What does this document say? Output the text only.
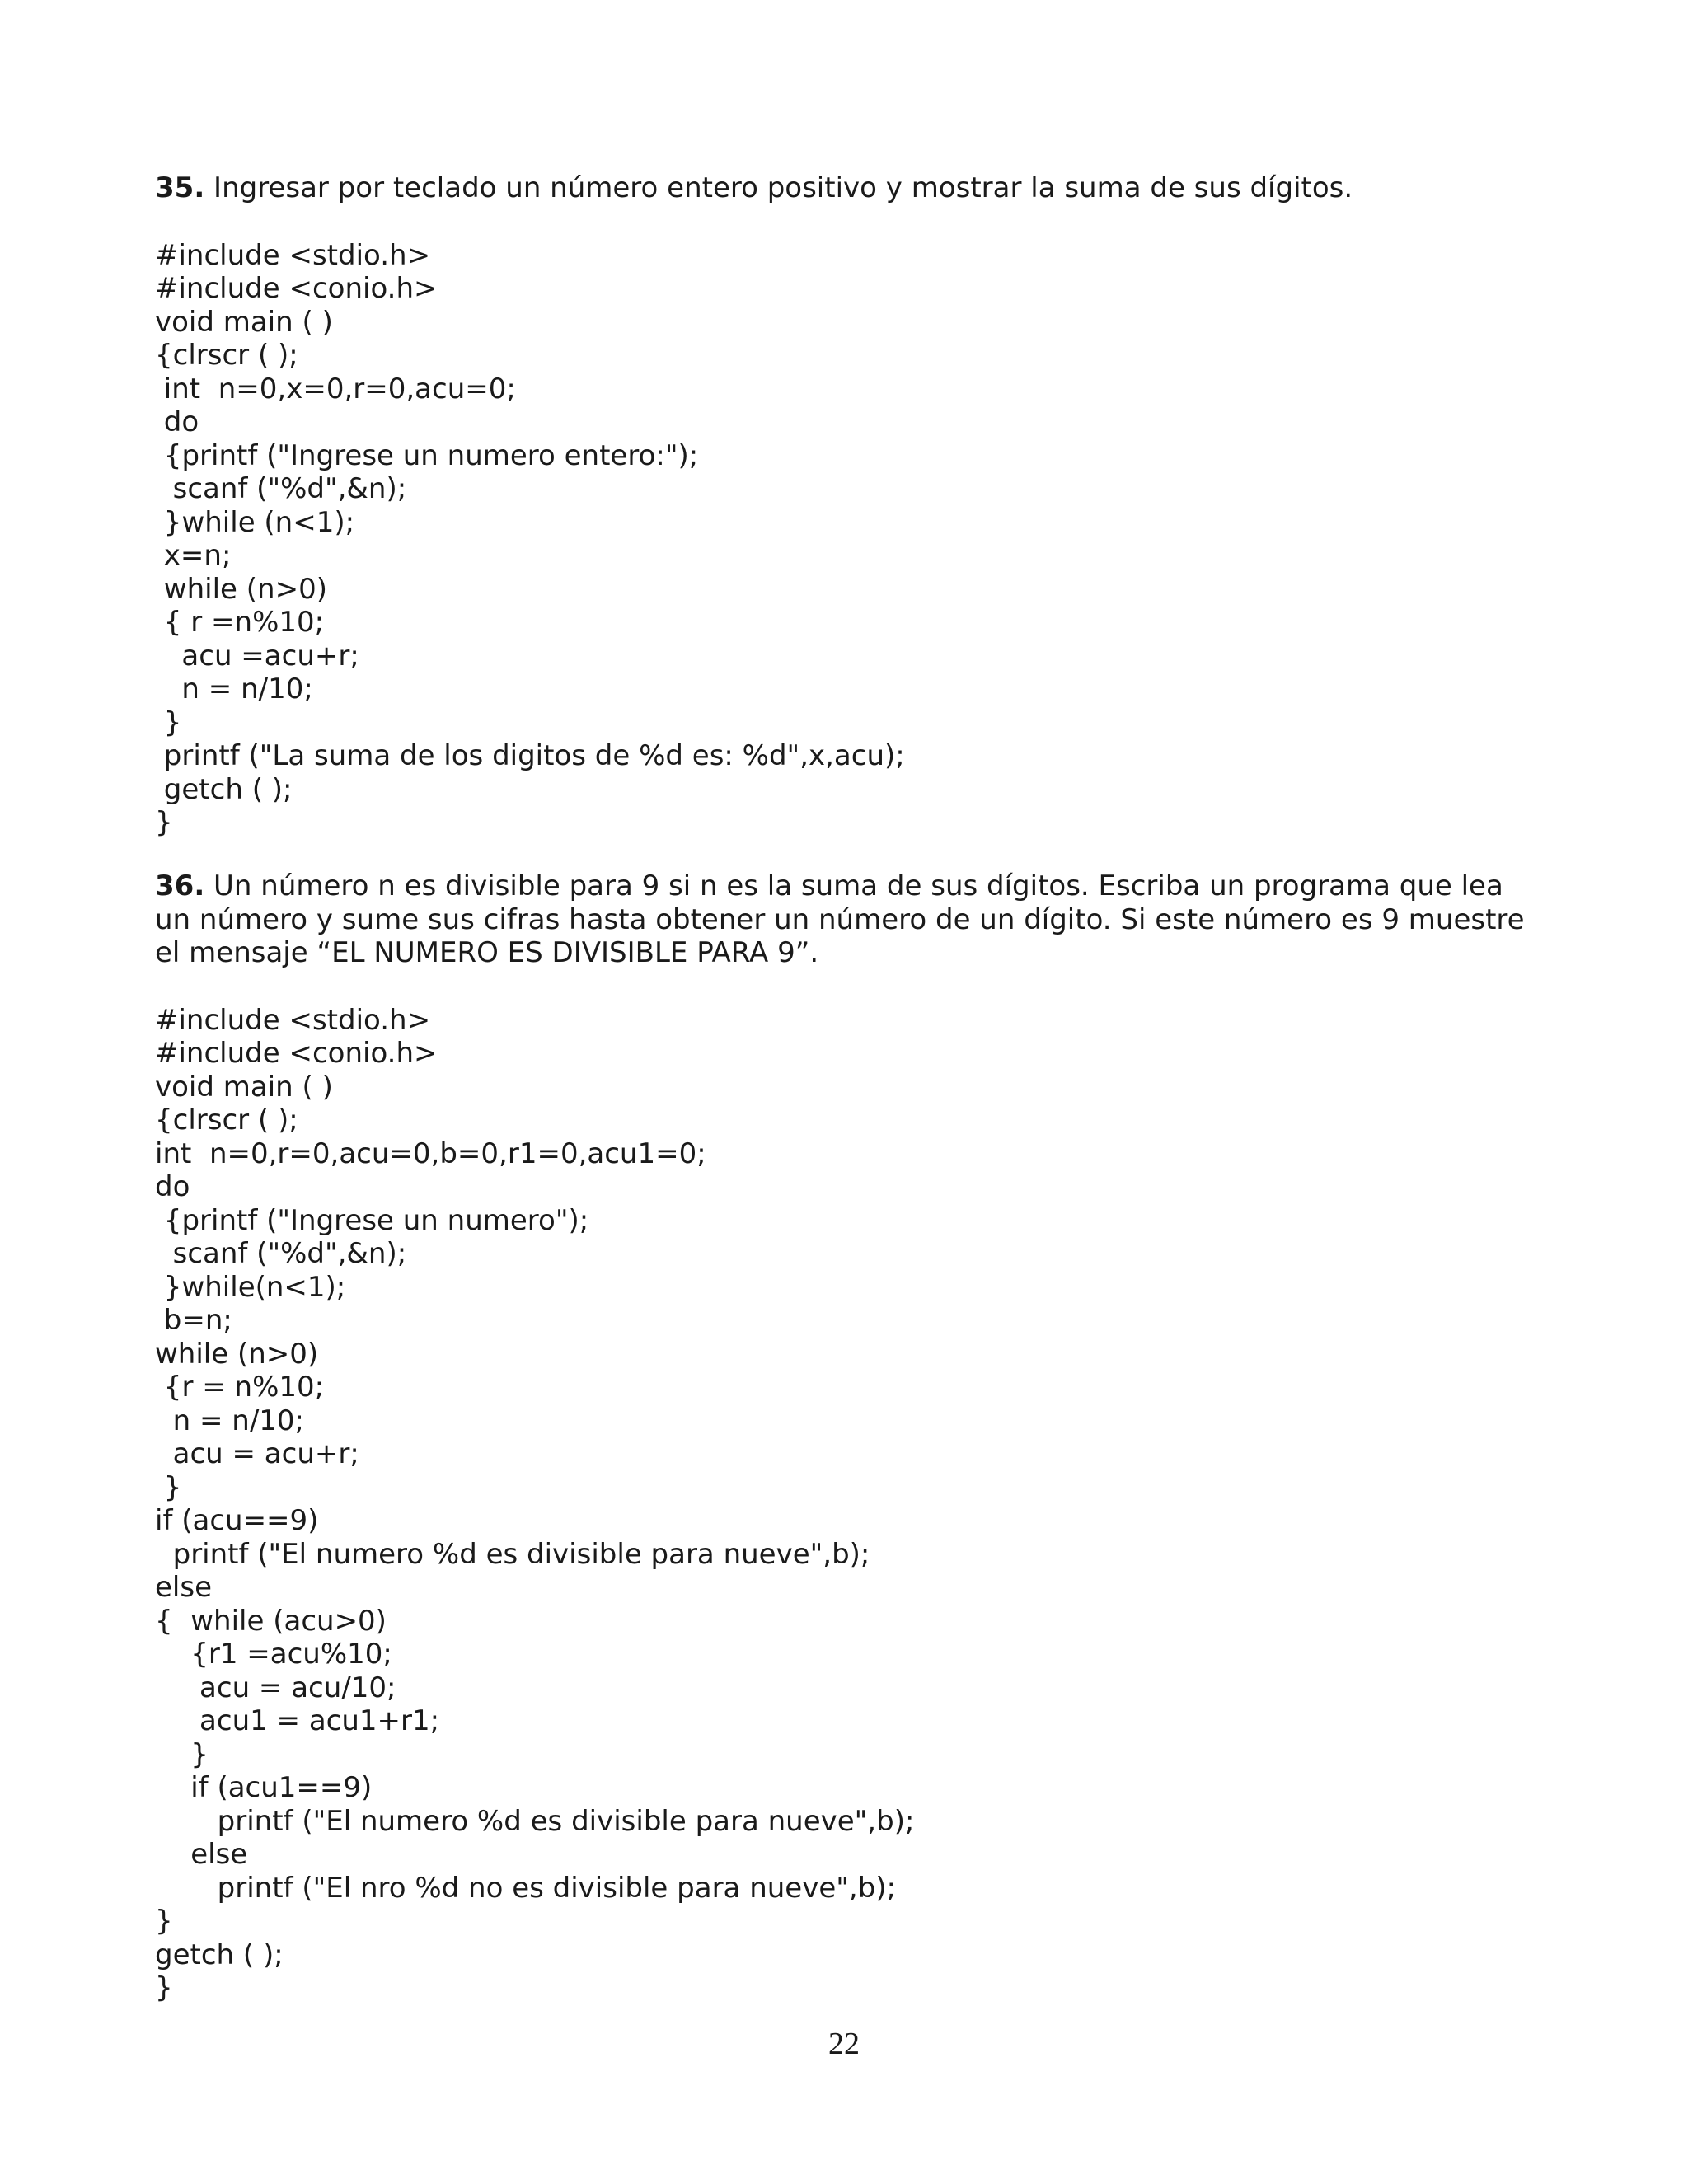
35. Ingresar por teclado un número entero positivo y mostrar la suma de sus dígitos.

#include <stdio.h>
#include <conio.h>
void main ( )
{clrscr ( );
int  n=0,x=0,r=0,acu=0;
do
{printf ("Ingrese un numero entero:");
scanf ("%d",&n);
}while (n<1);
x=n;
while (n>0)
{ r =n%10;
acu =acu+r;
n = n/10;
}
printf ("La suma de los digitos de %d es: %d",x,acu);
getch ( );
}

36. Un número n es divisible para 9 si n es la suma de sus dígitos. Escriba un programa que lea un número y sume sus cifras hasta obtener un número de un dígito. Si este número es 9 muestre el mensaje “EL NUMERO ES DIVISIBLE PARA 9”.

#include <stdio.h>
#include <conio.h>
void main ( )
{clrscr ( );
int  n=0,r=0,acu=0,b=0,r1=0,acu1=0;
do
{printf ("Ingrese un numero");
scanf ("%d",&n);
}while(n<1);
b=n;
while (n>0)
{r = n%10;
n = n/10;
acu = acu+r;
}
if (acu==9)
printf ("El numero %d es divisible para nueve",b);
else
{  while (acu>0)
{r1 =acu%10;
acu = acu/10;
acu1 = acu1+r1;
}
if (acu1==9)
printf ("El numero %d es divisible para nueve",b);
else
printf ("El nro %d no es divisible para nueve",b);
}
getch ( );
}
22
